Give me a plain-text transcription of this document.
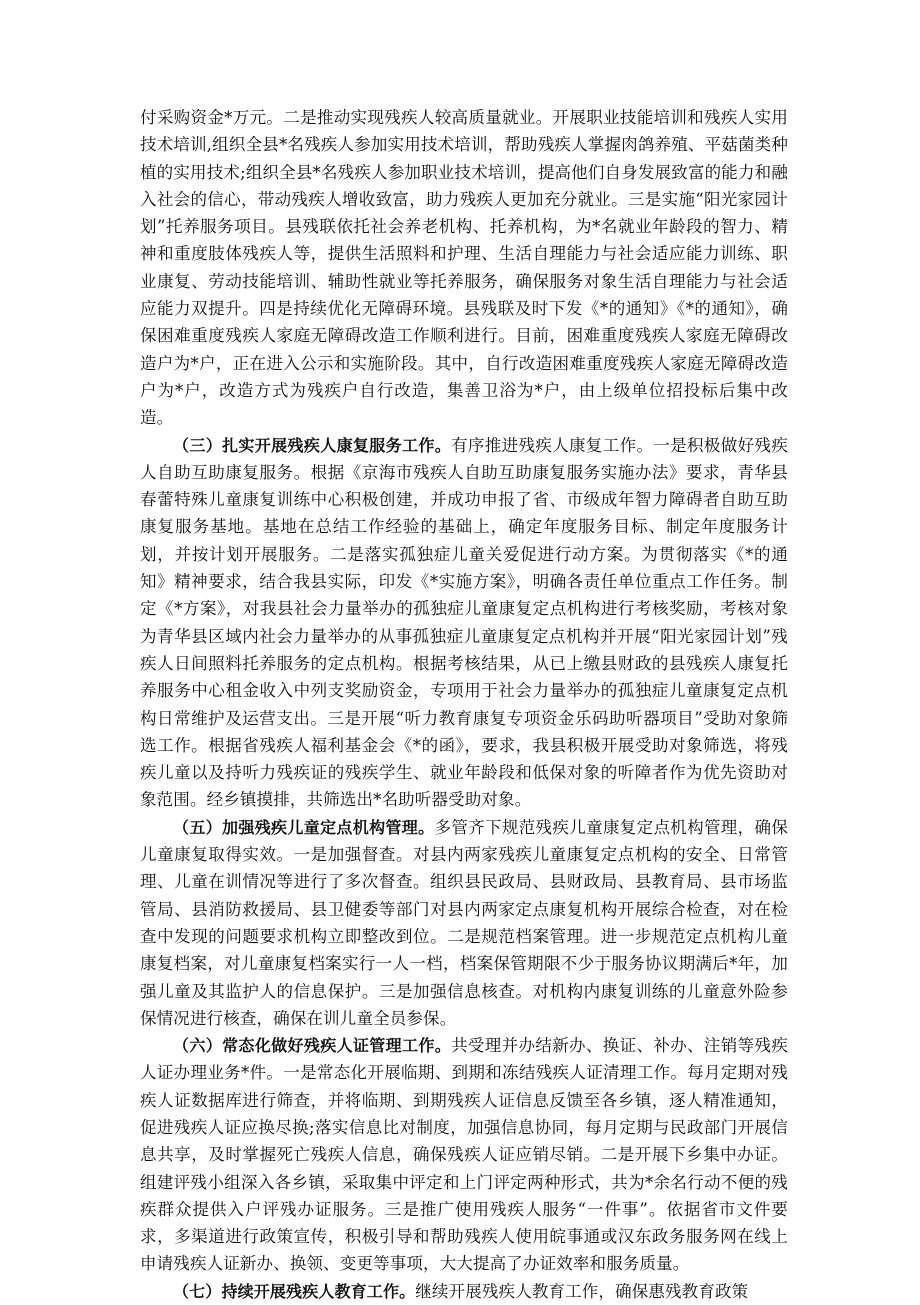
付采购资金*万元。二是推动实现残疾人较高质量就业。开展职业技能培训和残疾人实用技术培训,组织全县*名残疾人参加实用技术培训，帮助残疾人掌握肉鸽养殖、平菇菌类种植的实用技术;组织全县*名残疾人参加职业技术培训，提高他们自身发展致富的能力和融入社会的信心，带动残疾人增收致富，助力残疾人更加充分就业。三是实施“阳光家园计划”托养服务项目。县残联依托社会养老机构、托养机构，为*名就业年龄段的智力、精神和重度肢体残疾人等，提供生活照料和护理、生活自理能力与社会适应能力训练、职业康复、劳动技能培训、辅助性就业等托养服务，确保服务对象生活自理能力与社会适应能力双提升。四是持续优化无障碍环境。县残联及时下发《*的通知》《*的通知》，确保困难重度残疾人家庭无障碍改造工作顺利进行。目前，困难重度残疾人家庭无障碍改造户为*户，正在进入公示和实施阶段。其中，自行改造困难重度残疾人家庭无障碍改造户为*户，改造方式为残疾户自行改造，集善卫浴为*户，由上级单位招投标后集中改造。

（三）扎实开展残疾人康复服务工作。有序推进残疾人康复工作。一是积极做好残疾人自助互助康复服务。根据《京海市残疾人自助互助康复服务实施办法》要求，青华县春蕾特殊儿童康复训练中心积极创建，并成功申报了省、市级成年智力障碍者自助互助康复服务基地。基地在总结工作经验的基础上，确定年度服务目标、制定年度服务计划，并按计划开展服务。二是落实孤独症儿童关爱促进行动方案。为贯彻落实《*的通知》精神要求，结合我县实际，印发《*实施方案》，明确各责任单位重点工作任务。制定《*方案》，对我县社会力量举办的孤独症儿童康复定点机构进行考核奖励，考核对象为青华县区域内社会力量举办的从事孤独症儿童康复定点机构并开展“阳光家园计划”残疾人日间照料托养服务的定点机构。根据考核结果，从已上缴县财政的县残疾人康复托养服务中心租金收入中列支奖励资金，专项用于社会力量举办的孤独症儿童康复定点机构日常维护及运营支出。三是开展“听力教育康复专项资金乐码助听器项目”受助对象筛选工作。根据省残疾人福利基金会《*的函》，要求，我县积极开展受助对象筛选，将残疾儿童以及持听力残疾证的残疾学生、就业年龄段和低保对象的听障者作为优先资助对象范围。经乡镇摸排，共筛选出*名助听器受助对象。

（五）加强残疾儿童定点机构管理。多管齐下规范残疾儿童康复定点机构管理，确保儿童康复取得实效。一是加强督查。对县内两家残疾儿童康复定点机构的安全、日常管理、儿童在训情况等进行了多次督查。组织县民政局、县财政局、县教育局、县市场监管局、县消防救援局、县卫健委等部门对县内两家定点康复机构开展综合检查，对在检查中发现的问题要求机构立即整改到位。二是规范档案管理。进一步规范定点机构儿童康复档案，对儿童康复档案实行一人一档，档案保管期限不少于服务协议期满后*年，加强儿童及其监护人的信息保护。三是加强信息核查。对机构内康复训练的儿童意外险参保情况进行核查，确保在训儿童全员参保。

（六）常态化做好残疾人证管理工作。共受理并办结新办、换证、补办、注销等残疾人证办理业务*件。一是常态化开展临期、到期和冻结残疾人证清理工作。每月定期对残疾人证数据库进行筛查，并将临期、到期残疾人证信息反馈至各乡镇，逐人精准通知，促进残疾人证应换尽换;落实信息比对制度，加强信息协同，每月定期与民政部门开展信息共享，及时掌握死亡残疾人信息，确保残疾人证应销尽销。二是开展下乡集中办证。组建评残小组深入各乡镇，采取集中评定和上门评定两种形式，共为*余名行动不便的残疾群众提供入户评残办证服务。三是推广使用残疾人服务“一件事”。依据省市文件要求，多渠道进行政策宣传，积极引导和帮助残疾人使用皖事通或汉东政务服务网在线上申请残疾人证新办、换领、变更等事项，大大提高了办证效率和服务质量。

（七）持续开展残疾人教育工作。继续开展残疾人教育工作，确保惠残教育政策
